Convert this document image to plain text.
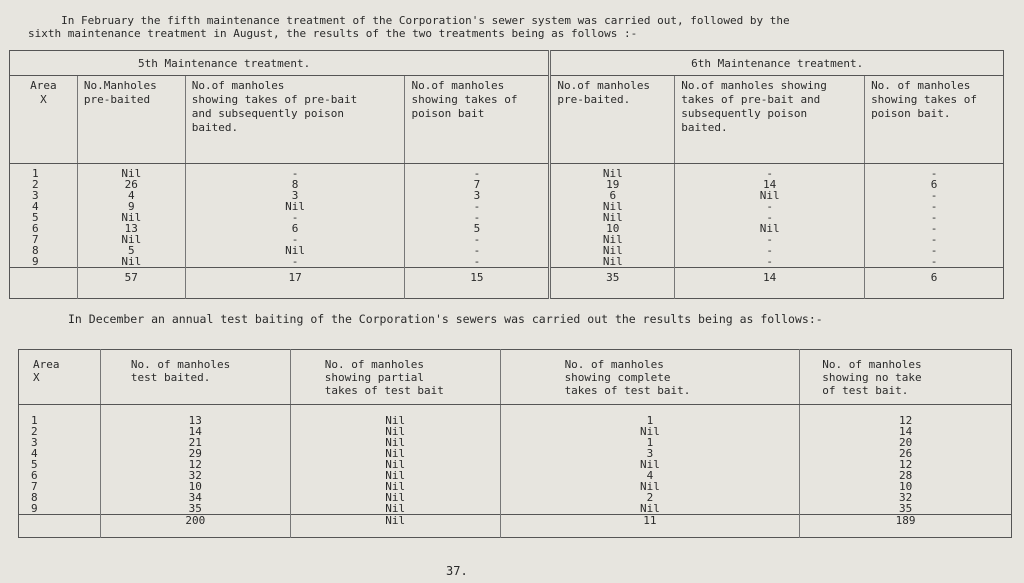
In February the fifth maintenance treatment of the Corporation's sewer system was carried out, followed by the
sixth maintenance treatment in August, the results of the two treatments being as follows :-
5th Maintenance treatment.				6th Maintenance treatment.		
Area
X	No.Manholes
pre-baited	No.of manholes
showing takes of pre-bait
and subsequently poison
baited.	No.of manholes
showing takes of
poison bait	No.of manholes
pre-baited.	No.of manholes showing
takes of pre-bait and
subsequently poison
baited.	No. of manholes
showing takes of
poison bait.
1	Nil	-	-	Nil	-	-
2	26	8	7	19	14	6
3	4	3	3	6	Nil	-
4	9	Nil	-	Nil	-	-
5	Nil	-	-	Nil	-	-
6	13	6	5	10	Nil	-
7	Nil	-	-	Nil	-	-
8	5	Nil	-	Nil	-	-
9	Nil	-	-	Nil	-	-
	57	17	15	35	14	6
In December an annual test baiting of the Corporation's sewers was carried out the results being as follows:-
Area
X	No. of manholes
test baited.	No. of manholes
showing partial
takes of test bait	No. of manholes
showing complete
takes of test bait.	No. of manholes
showing no take
of test bait.
1	13	Nil	1	12
2	14	Nil	Nil	14
3	21	Nil	1	20
4	29	Nil	3	26
5	12	Nil	Nil	12
6	32	Nil	4	28
7	10	Nil	Nil	10
8	34	Nil	2	32
9	35	Nil	Nil	35
	200	Nil	11	189
37.
